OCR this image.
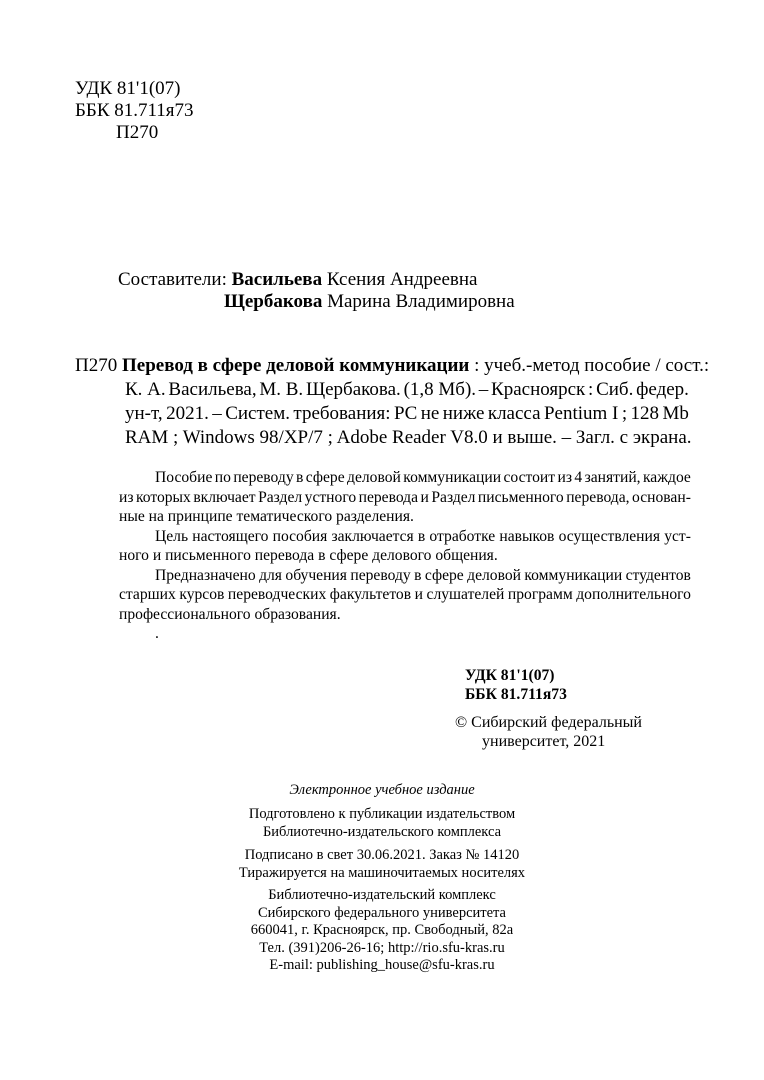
УДК 81'1(07)
ББК 81.711я73
П270
Составители: Васильева Ксения Андреевна
Щербакова Марина Владимировна
П270 Перевод в сфере деловой коммуникации : учеб.-метод пособие / сост.:
К. А. Васильева, М. В. Щербакова. (1,8 Мб). – Красноярск : Сиб. федер.
ун-т, 2021. – Систем. требования: PC не ниже класса Pentium I ; 128 Mb
RAM ; Windows 98/XP/7 ; Adobe Reader V8.0 и выше. – Загл. с экрана.
Пособие по переводу в сфере деловой коммуникации состоит из 4 занятий, каждое
из которых включает Раздел устного перевода и Раздел письменного перевода, основан-
ные на принципе тематического разделения.
Цель настоящего пособия заключается в отработке навыков осуществления уст-
ного и письменного перевода в сфере делового общения.
Предназначено для обучения переводу в сфере деловой коммуникации студентов
старших курсов переводческих факультетов и слушателей программ дополнительного
профессионального образования.
.
УДК 81'1(07)
ББК 81.711я73
© Сибирский федеральный
университет, 2021
Электронное учебное издание
Подготовлено к публикации издательством
Библиотечно-издательского комплекса
Подписано в свет 30.06.2021. Заказ № 14120
Тиражируется на машиночитаемых носителях
Библиотечно-издательский комплекс
Сибирского федерального университета
660041, г. Красноярск, пр. Свободный, 82а
Тел. (391)206-26-16; http://rio.sfu-kras.ru
E-mail: publishing_house@sfu-kras.ru
